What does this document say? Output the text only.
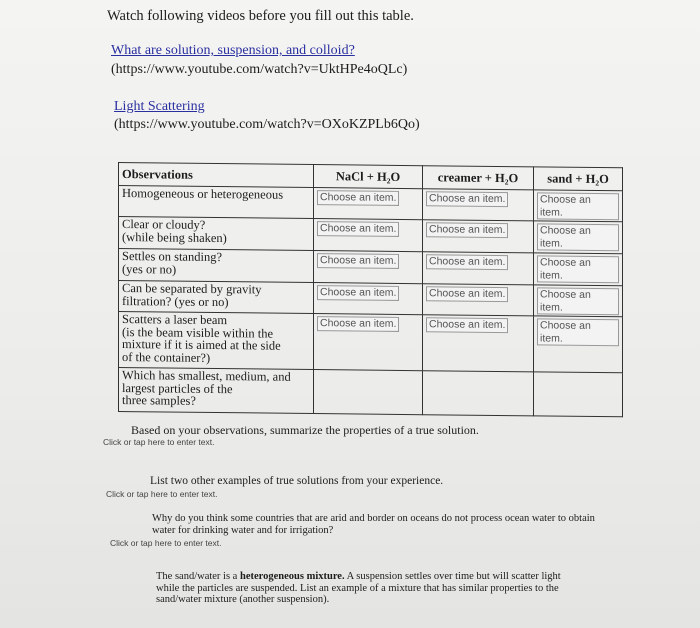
Watch following videos before you fill out this table.
What are solution, suspension, and colloid?
(https://www.youtube.com/watch?v=UktHPe4oQLc)
Light Scattering
(https://www.youtube.com/watch?v=OXoKZPLb6Qo)
Observations	NaCl + H₂O	creamer + H₂O	sand + H₂O
Homogeneous or heterogeneous	Choose an item.	Choose an item.	Choose an item.
Clear or cloudy?
(while being shaken)	Choose an item.	Choose an item.	Choose an item.
Settles on standing?
(yes or no)	Choose an item.	Choose an item.	Choose an item.
Can be separated by gravity
filtration? (yes or no)	Choose an item.	Choose an item.	Choose an item.
Scatters a laser beam
(is the beam visible within the
mixture if it is aimed at the side
of the container?)	Choose an item.	Choose an item.	Choose an item.
Which has smallest, medium, and
largest particles of the
three samples?			
Based on your observations, summarize the properties of a true solution.
Click or tap here to enter text.
List two other examples of true solutions from your experience.
Click or tap here to enter text.
Why do you think some countries that are arid and border on oceans do not process ocean water to obtain water for drinking water and for irrigation?
Click or tap here to enter text.
The sand/water is a heterogeneous mixture. A suspension settles over time but will scatter light while the particles are suspended. List an example of a mixture that has similar properties to the sand/water mixture (another suspension).
